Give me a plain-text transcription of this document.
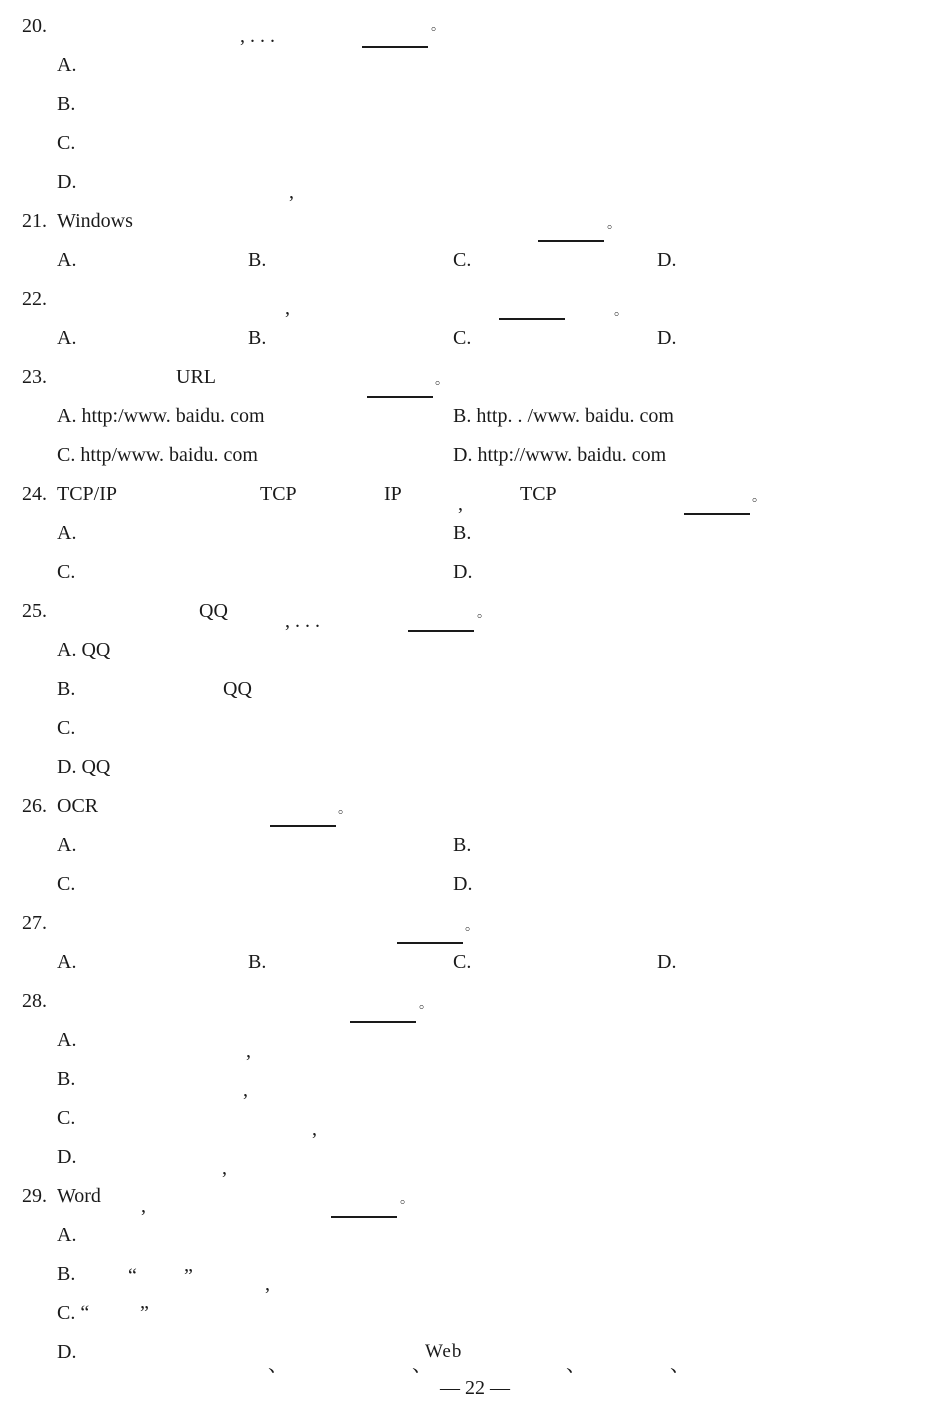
20.	, . . .	。
A.
B.
C.
D.	,
21. Windows	。
A.	B.	C.	D.
22.	,	。
A.	B.	C.	D.
23.	URL	。
A. http:/www. baidu. com	B. http. . /www. baidu. com
C. http/www. baidu. com	D. http://www. baidu. com
24. TCP/IP	TCP	IP	,	TCP	。
A.	B.
C.	D.
25.	QQ	, . . .	。
A. QQ
B.	QQ
C.
D. QQ
26. OCR	。
A.	B.
C.	D.
27.	。
A.	B.	C.	D.
28.	。
A.	,
B.	,
C.	,
D.	,
29. Word ,	。
A.
B.	“ ”	,
C. “	”
D.
、	、
Web
、	、
— 22 —
